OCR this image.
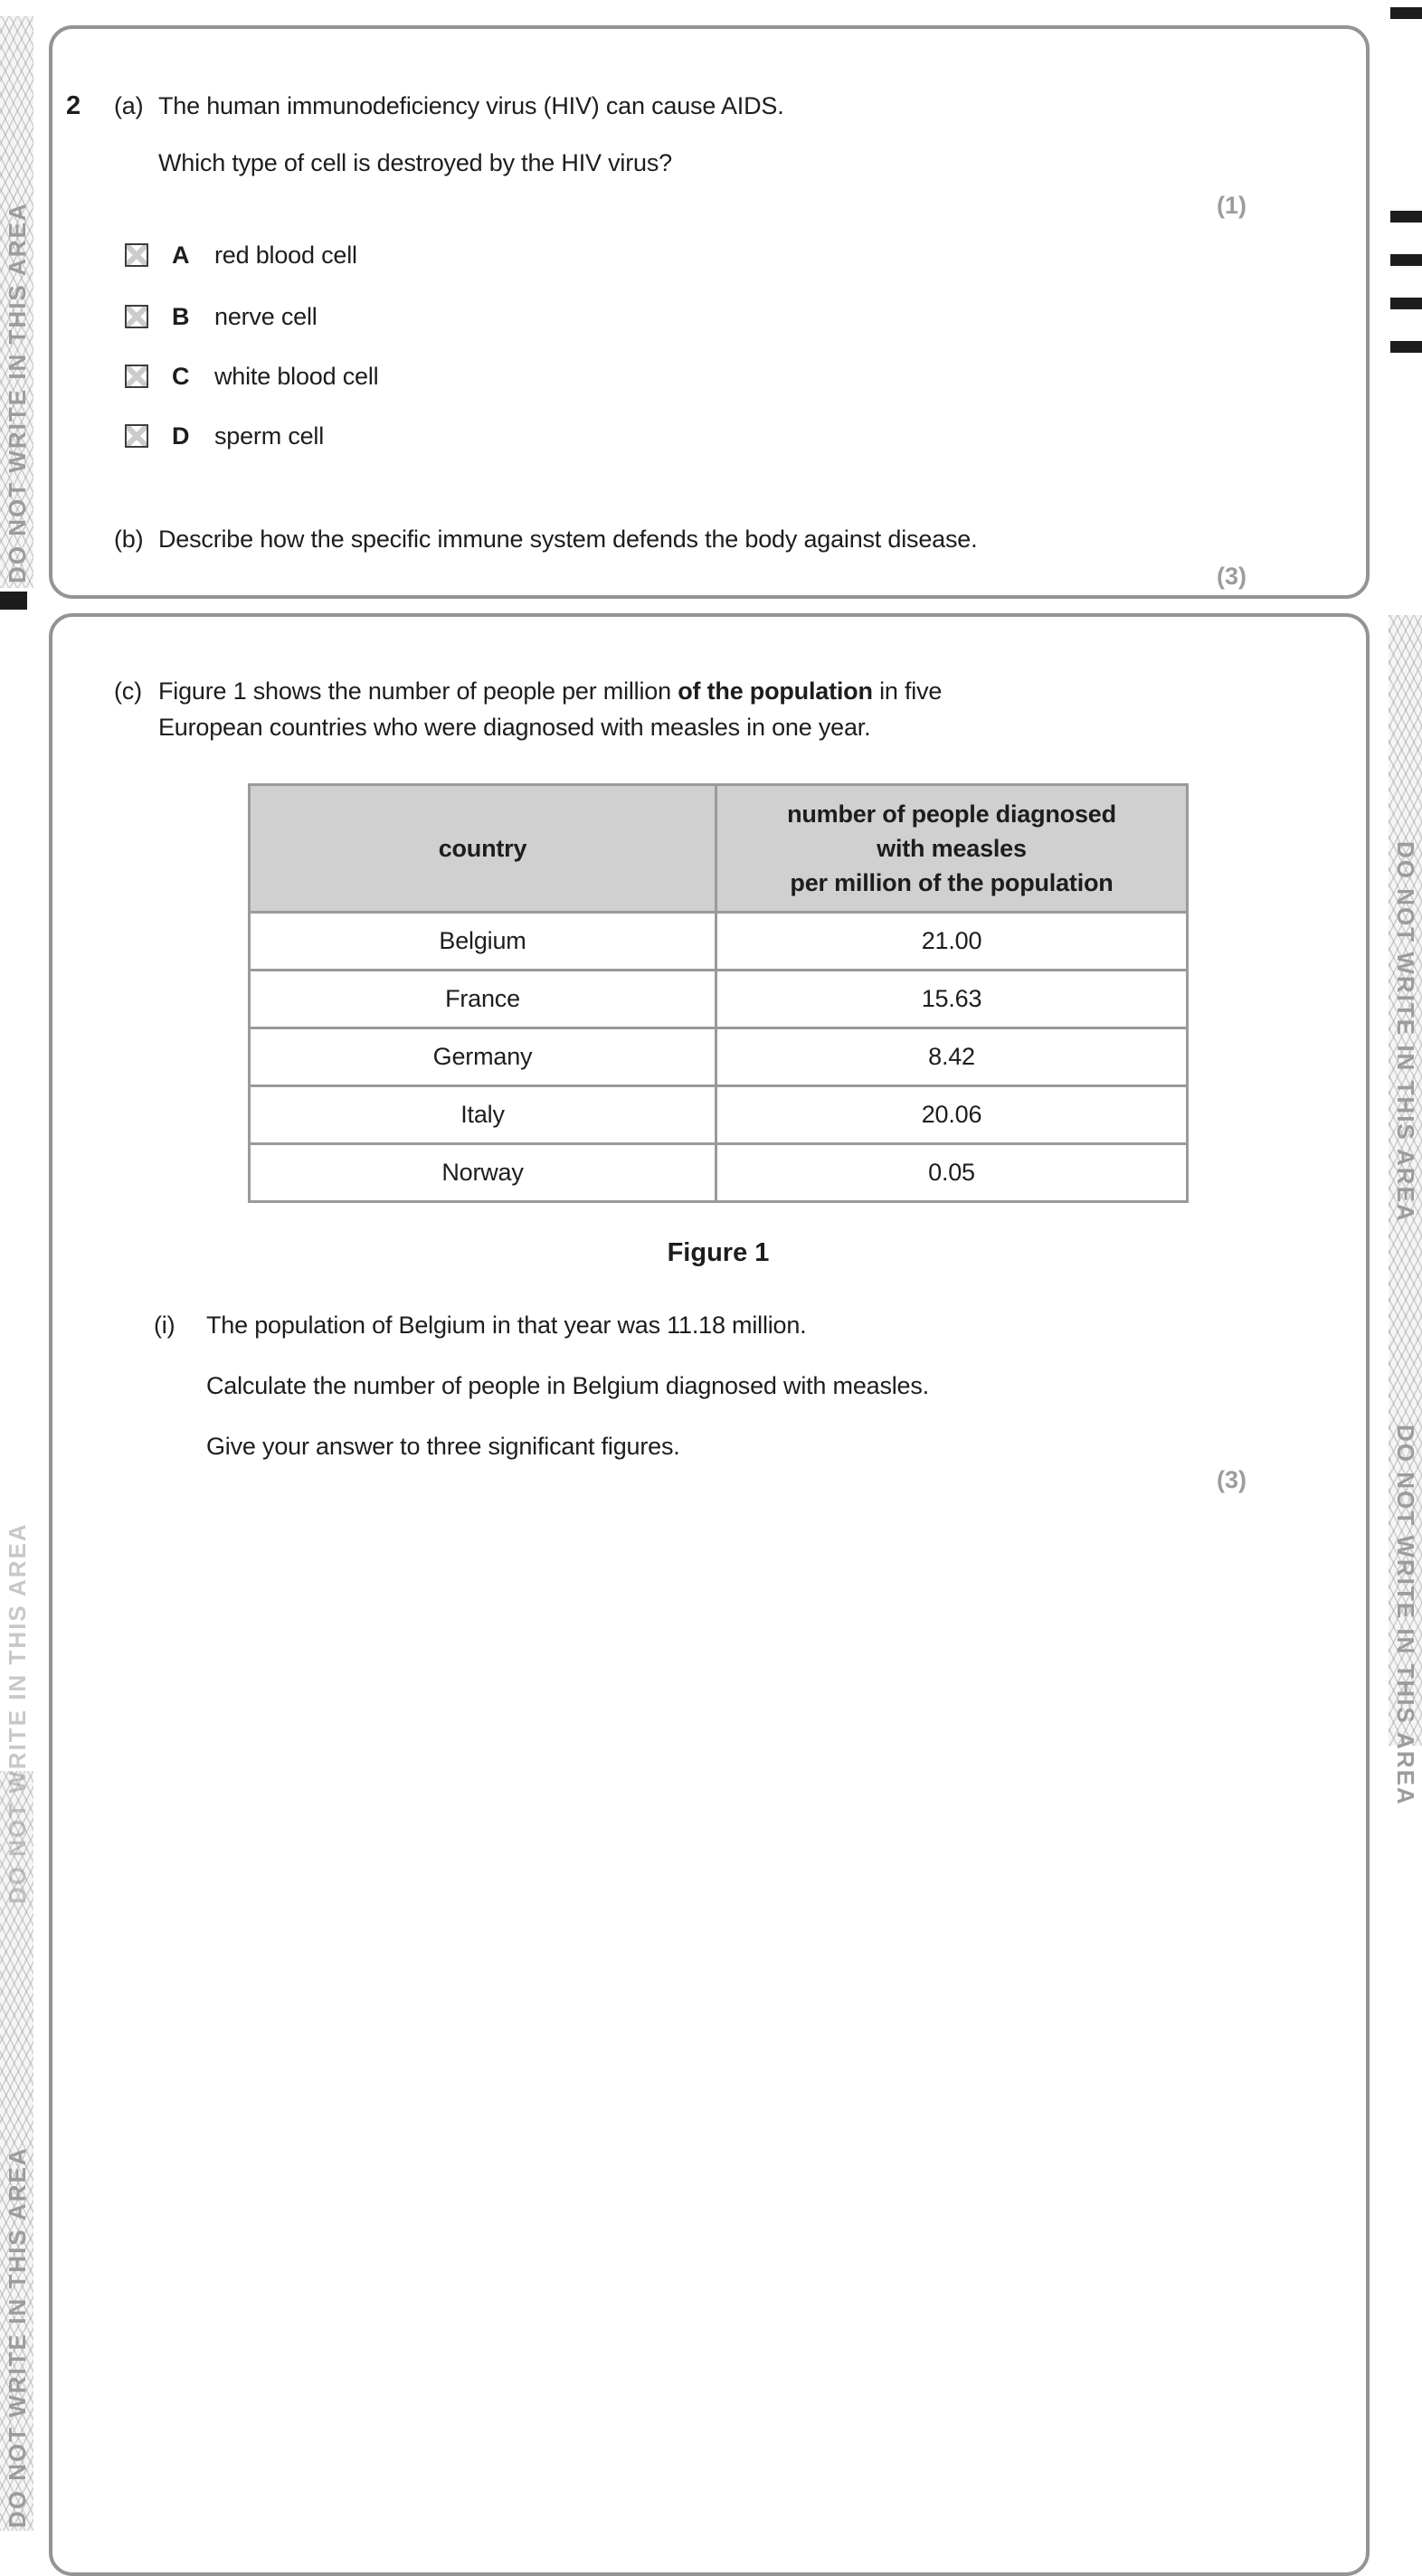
DO NOT WRITE IN THIS AREA
DO NOT WRITE IN THIS AREA
DO NOT WRITE IN THIS AREA
DO NOT WRITE IN THIS AREA
DO NOT WRITE IN THIS AREA
2 (a) The human immunodeficiency virus (HIV) can cause AIDS.
Which type of cell is destroyed by the HIV virus?
(1)
A red blood cell
B nerve cell
C white blood cell
D sperm cell
(b) Describe how the specific immune system defends the body against disease.
(3)
(c) Figure 1 shows the number of people per million of the population in five
European countries who were diagnosed with measles in one year.
country
number of people diagnosed
with measles
per million of the population
Belgium	21.00
France	15.63
Germany	8.42
Italy	20.06
Norway	0.05
Figure 1
(i) The population of Belgium in that year was 11.18 million.
Calculate the number of people in Belgium diagnosed with measles.
Give your answer to three significant figures.
(3)
